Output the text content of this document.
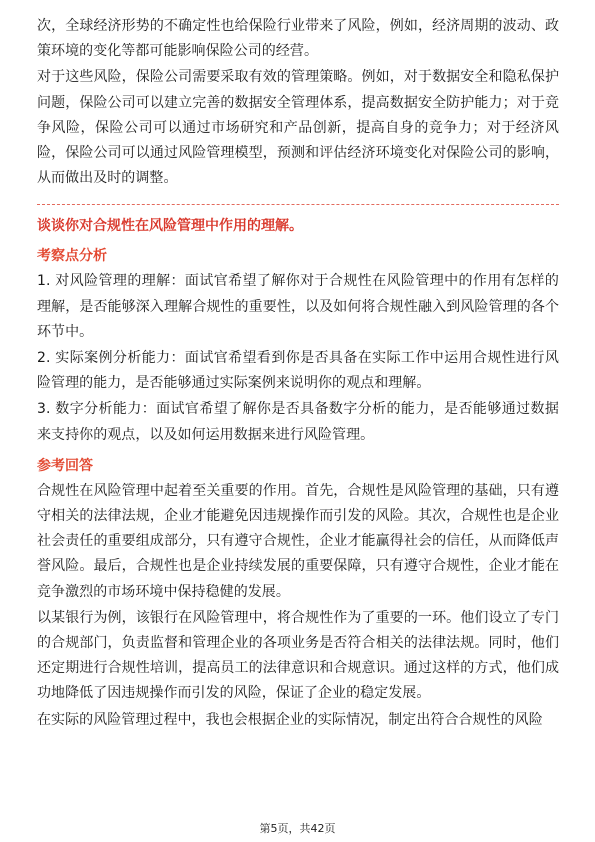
次，全球经济形势的不确定性也给保险行业带来了风险，例如，经济周期的波动、政策环境的变化等都可能影响保险公司的经营。

对于这些风险，保险公司需要采取有效的管理策略。例如，对于数据安全和隐私保护问题，保险公司可以建立完善的数据安全管理体系，提高数据安全防护能力；对于竞争风险，保险公司可以通过市场研究和产品创新，提高自身的竞争力；对于经济风险，保险公司可以通过风险管理模型，预测和评估经济环境变化对保险公司的影响，从而做出及时的调整。

谈谈你对合规性在风险管理中作用的理解。

考察点分析

1. 对风险管理的理解：面试官希望了解你对于合规性在风险管理中的作用有怎样的理解，是否能够深入理解合规性的重要性，以及如何将合规性融入到风险管理的各个环节中。

2. 实际案例分析能力：面试官希望看到你是否具备在实际工作中运用合规性进行风险管理的能力，是否能够通过实际案例来说明你的观点和理解。

3. 数字分析能力：面试官希望了解你是否具备数字分析的能力，是否能够通过数据来支持你的观点，以及如何运用数据来进行风险管理。

参考回答

合规性在风险管理中起着至关重要的作用。首先，合规性是风险管理的基础，只有遵守相关的法律法规，企业才能避免因违规操作而引发的风险。其次，合规性也是企业社会责任的重要组成部分，只有遵守合规性，企业才能赢得社会的信任，从而降低声誉风险。最后，合规性也是企业持续发展的重要保障，只有遵守合规性，企业才能在竞争激烈的市场环境中保持稳健的发展。

以某银行为例，该银行在风险管理中，将合规性作为了重要的一环。他们设立了专门的合规部门，负责监督和管理企业的各项业务是否符合相关的法律法规。同时，他们还定期进行合规性培训，提高员工的法律意识和合规意识。通过这样的方式，他们成功地降低了因违规操作而引发的风险，保证了企业的稳定发展。

在实际的风险管理过程中，我也会根据企业的实际情况，制定出符合合规性的风险

第5页，共42页
